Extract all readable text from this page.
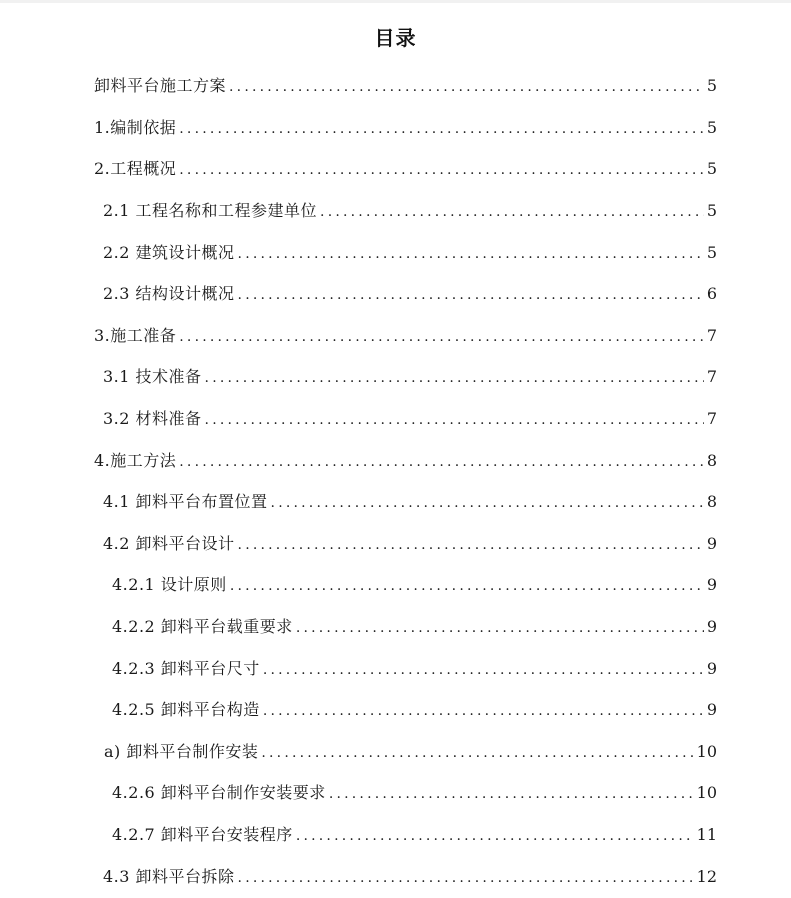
目录
卸料平台施工方案 .....	5
1.编制依据 .....	5
2.工程概况 .....	5
2.1 工程名称和工程参建单位 .....	5
2.2 建筑设计概况 .....	5
2.3 结构设计概况 .....	6
3.施工准备 .....	7
3.1 技术准备 .....	7
3.2 材料准备 .....	7
4.施工方法 .....	8
4.1 卸料平台布置位置 .....	8
4.2 卸料平台设计 .....	9
4.2.1 设计原则 .....	9
4.2.2 卸料平台载重要求 .....	9
4.2.3 卸料平台尺寸 .....	9
4.2.5 卸料平台构造 .....	9
a) 卸料平台制作安装 .....	10
4.2.6 卸料平台制作安装要求 .....	10
4.2.7 卸料平台安装程序 .....	11
4.3 卸料平台拆除 .....	12
